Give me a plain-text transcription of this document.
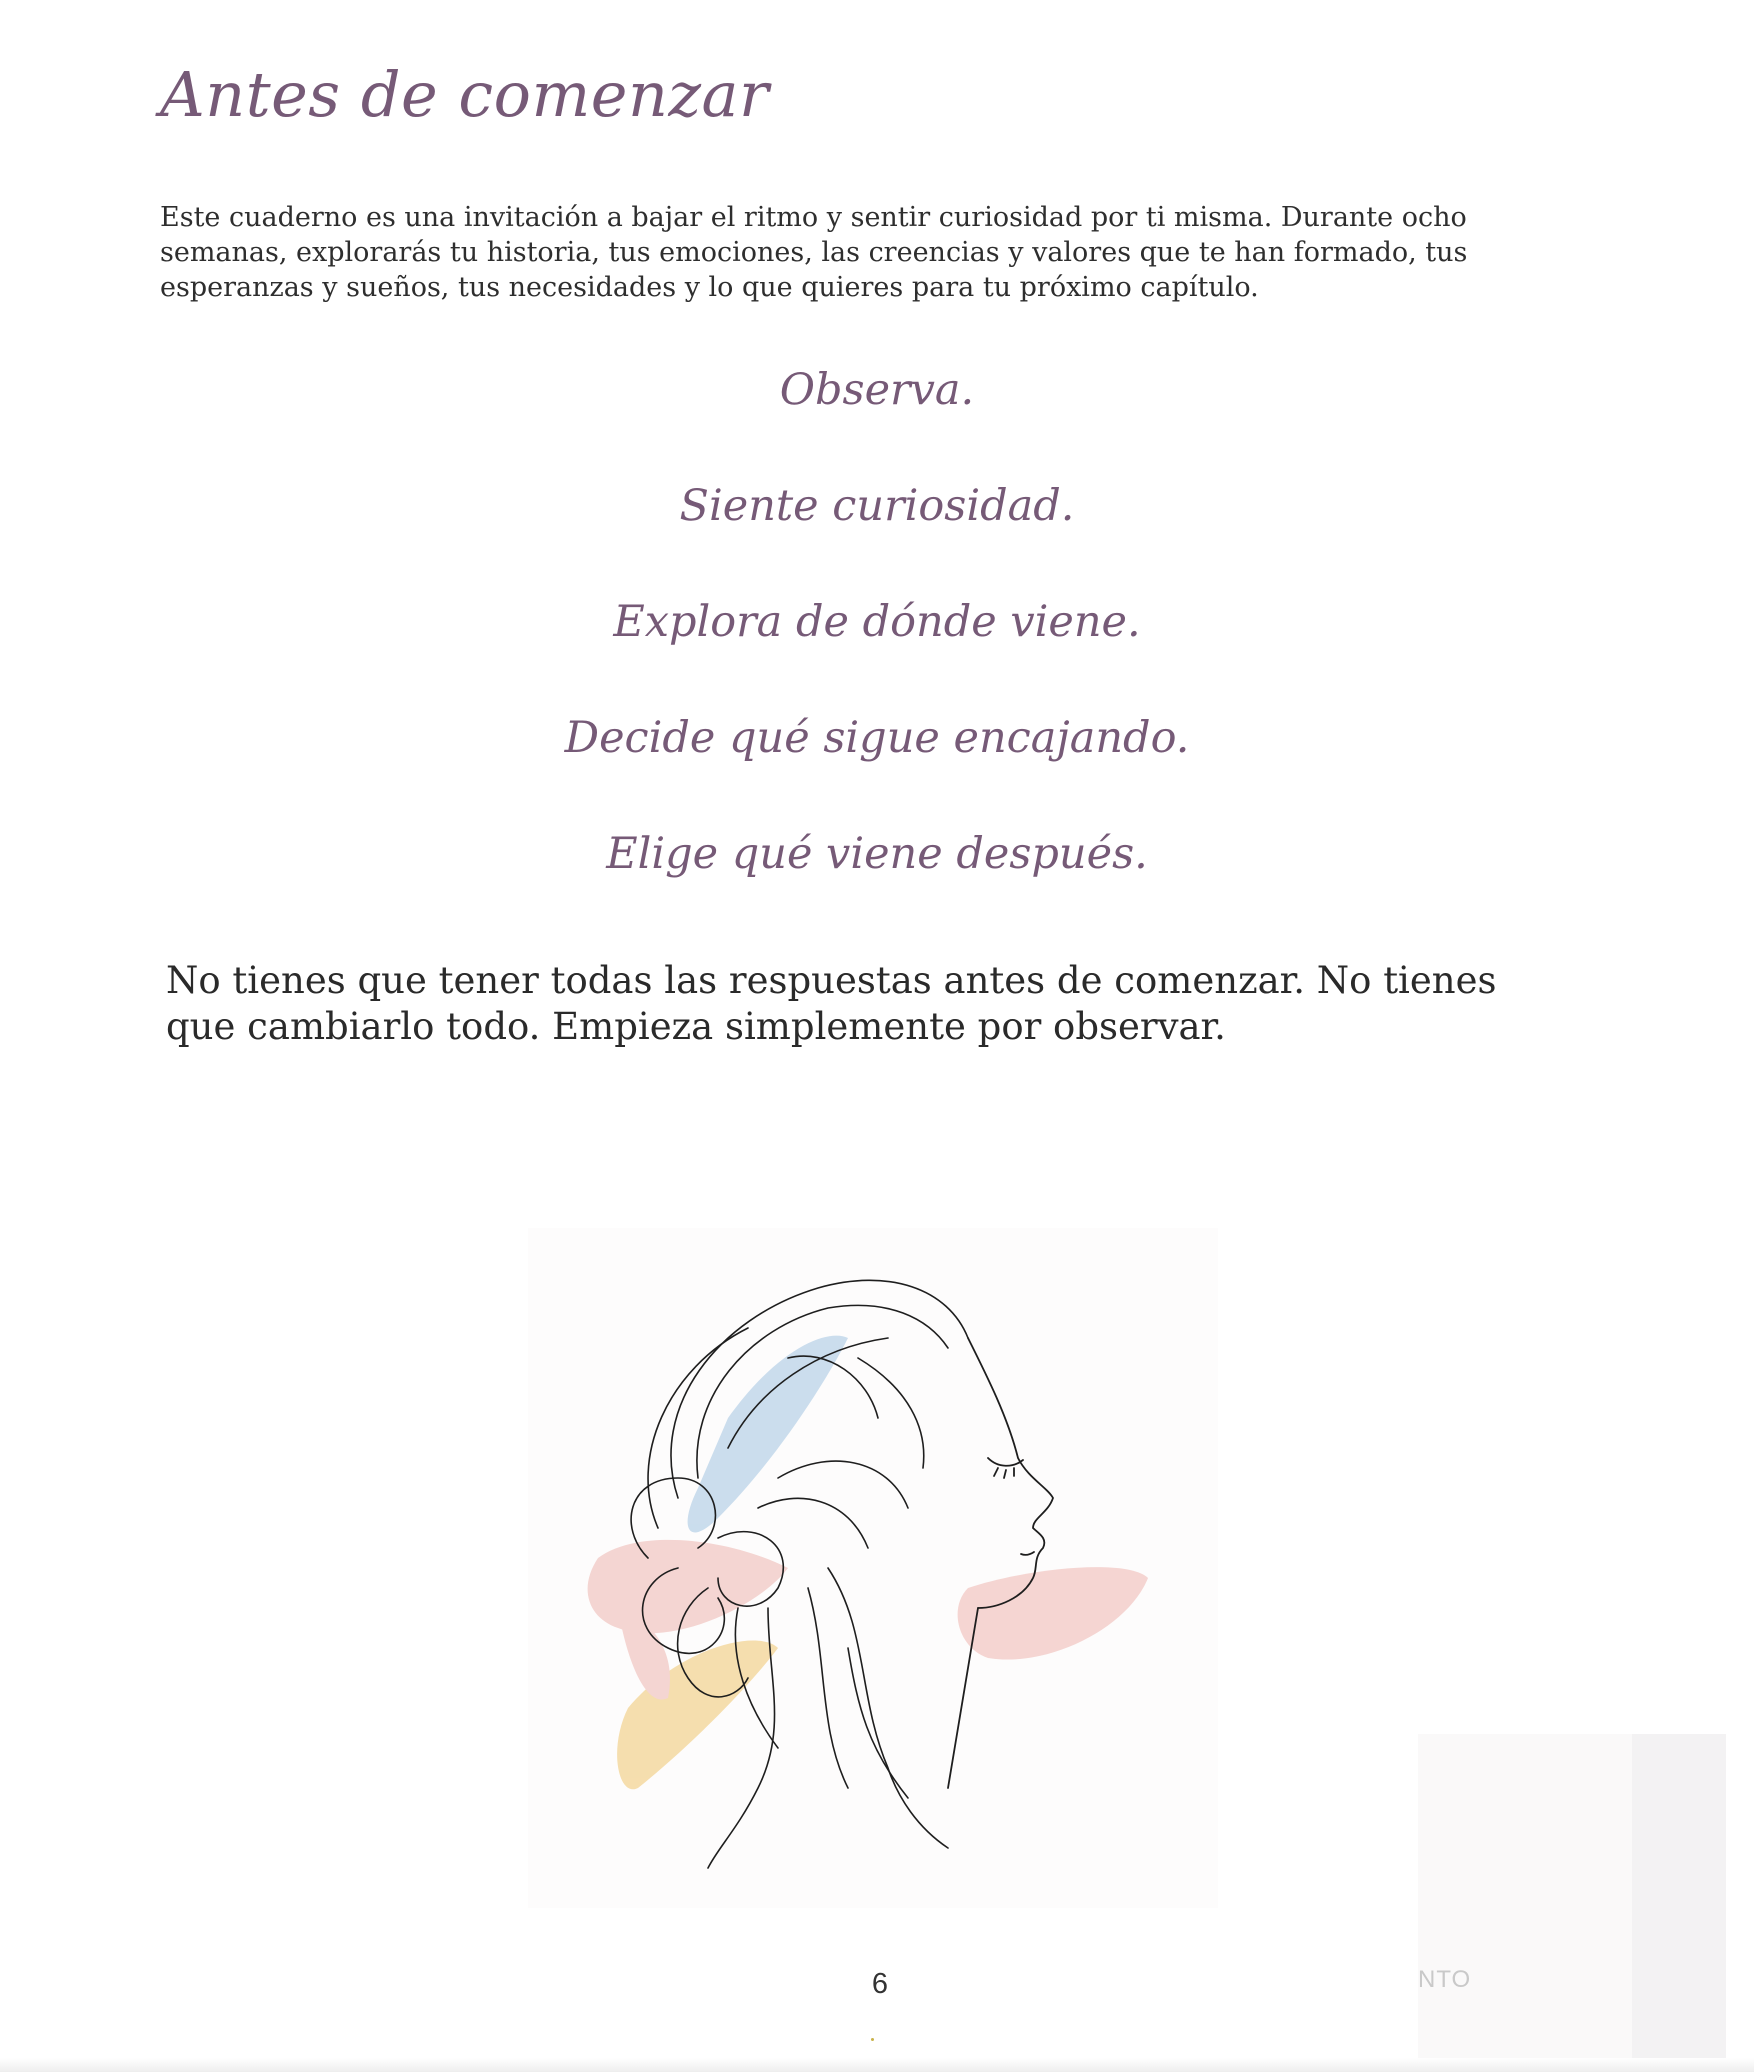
Antes de comenzar

Este cuaderno es una invitación a bajar el ritmo y sentir curiosidad por ti misma. Durante ocho semanas, explorarás tu historia, tus emociones, las creencias y valores que te han formado, tus esperanzas y sueños, tus necesidades y lo que quieres para tu próximo capítulo.

Observa.
Siente curiosidad.
Explora de dónde viene.
Decide qué sigue encajando.
Elige qué viene después.

No tienes que tener todas las respuestas antes de comenzar. No tienes que cambiarlo todo. Empieza simplemente por observar.

6	NTO
